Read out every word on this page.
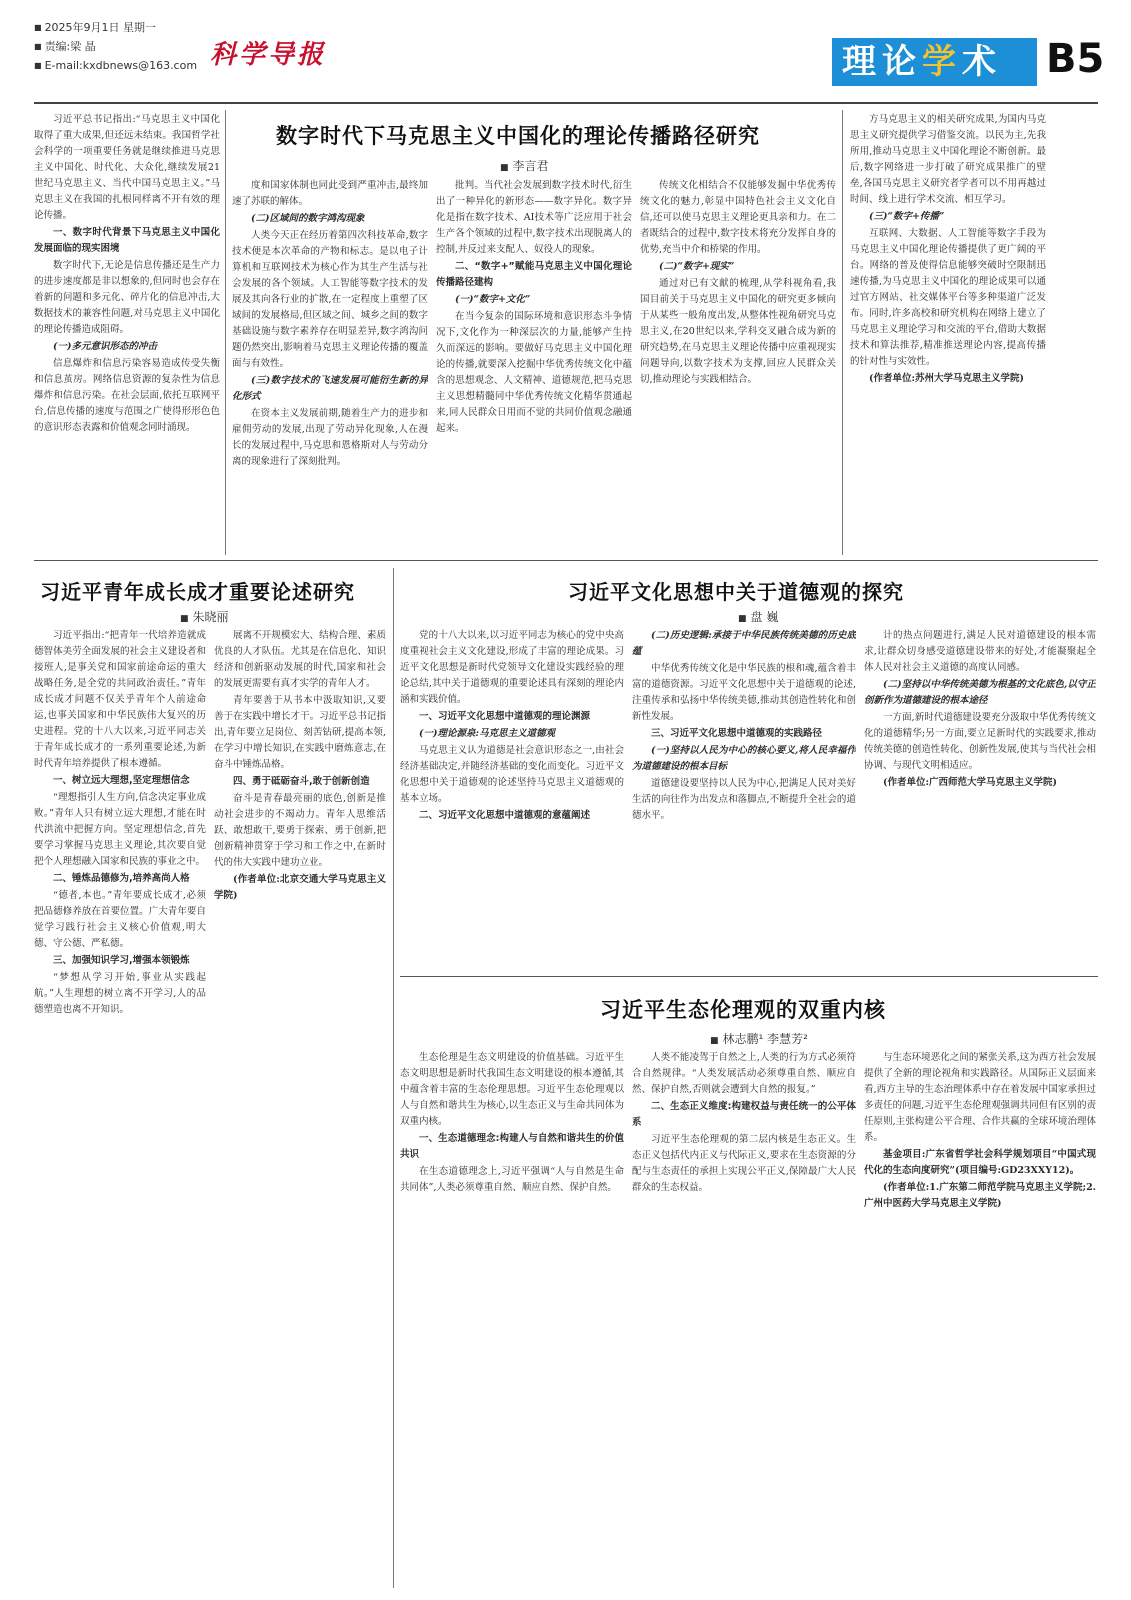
■ 2025年9月1日 星期一
■ 责编:梁 晶
■ E-mail:kxdbnews@163.com 科学导报	理论学术	B5

习近平总书记指出:“马克思主义中国化取得了重大成果,但还远未结束。我国哲学社会科学的一项重要任务就是继续推进马克思主义中国化、时代化、大众化,继续发展21世纪马克思主义、当代中国马克思主义。”马克思主义在我国的扎根同样离不开有效的理论传播。

一、数字时代背景下马克思主义中国化发展面临的现实困境

数字时代下,无论是信息传播还是生产力的进步速度都是非以想象的,但同时也会存在着新的问题和多元化、碎片化的信息冲击,大数据技术的兼容性问题,对马克思主义中国化的理论传播造成阻碍。

(一)多元意识形态的冲击

信息爆炸和信息污染容易造成传受失衡和信息茧房。网络信息资源的复杂性为信息爆炸和信息污染。在社会层面,依托互联网平台,信息传播的速度与范围之广使得形形色色的意识形态表露和价值观念同时涌现。

数字时代下马克思主义中国化的理论传播路径研究
■ 李言君

度和国家体制也同此受到严重冲击,最终加速了苏联的解体。

(二)区域间的数字鸿沟现象

人类今天正在经历着第四次科技革命,数字技术便是本次革命的产物和标志。是以电子计算机和互联网技术为核心作为其生产生活与社会发展的各个领域。人工智能等数字技术的发展及其向各行业的扩散,在一定程度上重塑了区域间的发展格局,但区域之间、城乡之间的数字基础设施与数字素养存在明显差异,数字鸿沟问题仍然突出,影响着马克思主义理论传播的覆盖面与有效性。

(三)数字技术的飞速发展可能衍生新的异化形式

在资本主义发展前期,随着生产力的进步和雇佣劳动的发展,出现了劳动异化现象,人在漫长的发展过程中,马克思和恩格斯对人与劳动分离的现象进行了深刻批判。

批判。当代社会发展到数字技术时代,衍生出了一种异化的新形态——数字异化。数字异化是指在数字技术、AI技术等广泛应用于社会生产各个领域的过程中,数字技术出现脱离人的控制,并反过来支配人、奴役人的现象。

二、“数字+”赋能马克思主义中国化理论传播路径建构

(一)“数字+文化”

在当今复杂的国际环境和意识形态斗争情况下,文化作为一种深层次的力量,能够产生持久而深远的影响。要做好马克思主义中国化理论的传播,就要深入挖掘中华优秀传统文化中蕴含的思想观念、人文精神、道德规范,把马克思主义思想精髓同中华优秀传统文化精华贯通起来,同人民群众日用而不觉的共同价值观念融通起来。

传统文化相结合不仅能够发掘中华优秀传统文化的魅力,彰显中国特色社会主义文化自信,还可以使马克思主义理论更具亲和力。在二者既结合的过程中,数字技术将充分发挥自身的优势,充当中介和桥梁的作用。

(二)“数字+现实”

通过对已有文献的梳理,从学科视角看,我国目前关于马克思主义中国化的研究更多倾向于从某些一般角度出发,从整体性视角研究马克思主义,在20世纪以来,学科交叉融合成为新的研究趋势,在马克思主义理论传播中应重视现实问题导向,以数字技术为支撑,回应人民群众关切,推动理论与实践相结合。

方马克思主义的相关研究成果,为国内马克思主义研究提供学习借鉴交流。以民为主,先我所用,推动马克思主义中国化理论不断创新。最后,数字网络进一步打破了研究成果推广的壁垒,各国马克思主义研究者学者可以不用再越过时间、线上进行学术交流、相互学习。

(三)“数字+传播”

互联网、大数据、人工智能等数字手段为马克思主义中国化理论传播提供了更广阔的平台。网络的普及使得信息能够突破时空限制迅速传播,为马克思主义中国化的理论成果可以通过官方网站、社交媒体平台等多种渠道广泛发布。同时,许多高校和研究机构在网络上建立了马克思主义理论学习和交流的平台,借助大数据技术和算法推荐,精准推送理论内容,提高传播的针对性与实效性。

(作者单位:苏州大学马克思主义学院)

习近平青年成长成才重要论述研究
■ 朱晓丽

习近平指出:“把青年一代培养造就成德智体美劳全面发展的社会主义建设者和接班人,是事关党和国家前途命运的重大战略任务,是全党的共同政治责任。”青年成长成才问题不仅关乎青年个人前途命运,也事关国家和中华民族伟大复兴的历史进程。党的十八大以来,习近平同志关于青年成长成才的一系列重要论述,为新时代青年培养提供了根本遵循。

一、树立远大理想,坚定理想信念

“理想指引人生方向,信念决定事业成败。”青年人只有树立远大理想,才能在时代洪流中把握方向。坚定理想信念,首先要学习掌握马克思主义理论,其次要自觉把个人理想融入国家和民族的事业之中。

二、锤炼品德修为,培养高尚人格

“德者,本也。”青年要成长成才,必须把品德修养放在首要位置。广大青年要自觉学习践行社会主义核心价值观,明大德、守公德、严私德。

三、加强知识学习,增强本领锻炼

“梦想从学习开始,事业从实践起航。”人生理想的树立离不开学习,人的品德塑造也离不开知识。

展离不开规模宏大、结构合理、素质优良的人才队伍。尤其是在信息化、知识经济和创新驱动发展的时代,国家和社会的发展更需要有真才实学的青年人才。

青年要善于从书本中汲取知识,又要善于在实践中增长才干。习近平总书记指出,青年要立足岗位、刻苦钻研,提高本领,在学习中增长知识,在实践中磨炼意志,在奋斗中锤炼品格。

四、勇于砥砺奋斗,敢于创新创造

奋斗是青春最亮丽的底色,创新是推动社会进步的不竭动力。青年人思维活跃、敢想敢干,要勇于探索、勇于创新,把创新精神贯穿于学习和工作之中,在新时代的伟大实践中建功立业。

(作者单位:北京交通大学马克思主义学院)

习近平文化思想中关于道德观的探究
■ 盘 巍

党的十八大以来,以习近平同志为核心的党中央高度重视社会主义文化建设,形成了丰富的理论成果。习近平文化思想是新时代党领导文化建设实践经验的理论总结,其中关于道德观的重要论述具有深刻的理论内涵和实践价值。

一、习近平文化思想中道德观的理论渊源

(一)理论源泉:马克思主义道德观

马克思主义认为道德是社会意识形态之一,由社会经济基础决定,并随经济基础的变化而变化。习近平文化思想中关于道德观的论述坚持马克思主义道德观的基本立场。

二、习近平文化思想中道德观的意蕴阐述

(二)历史逻辑:承接于中华民族传统美德的历史底蕴

中华优秀传统文化是中华民族的根和魂,蕴含着丰富的道德资源。习近平文化思想中关于道德观的论述,注重传承和弘扬中华传统美德,推动其创造性转化和创新性发展。

三、习近平文化思想中道德观的实践路径

(一)坚持以人民为中心的核心要义,将人民幸福作为道德建设的根本目标

道德建设要坚持以人民为中心,把满足人民对美好生活的向往作为出发点和落脚点,不断提升全社会的道德水平。

计的热点问题进行,满足人民对道德建设的根本需求,让群众切身感受道德建设带来的好处,才能凝聚起全体人民对社会主义道德的高度认同感。

(二)坚持以中华传统美德为根基的文化底色,以守正创新作为道德建设的根本途径

一方面,新时代道德建设要充分汲取中华优秀传统文化的道德精华;另一方面,要立足新时代的实践要求,推动传统美德的创造性转化、创新性发展,使其与当代社会相协调、与现代文明相适应。

(作者单位:广西师范大学马克思主义学院)

习近平生态伦理观的双重内核
■ 林志鹏¹ 李慧芳²

生态伦理是生态文明建设的价值基础。习近平生态文明思想是新时代我国生态文明建设的根本遵循,其中蕴含着丰富的生态伦理思想。习近平生态伦理观以人与自然和谐共生为核心,以生态正义与生命共同体为双重内核。

一、生态道德理念:构建人与自然和谐共生的价值共识

在生态道德理念上,习近平强调“人与自然是生命共同体”,人类必须尊重自然、顺应自然、保护自然。

人类不能凌驾于自然之上,人类的行为方式必须符合自然规律。“人类发展活动必须尊重自然、顺应自然、保护自然,否则就会遭到大自然的报复。”

二、生态正义维度:构建权益与责任统一的公平体系

习近平生态伦理观的第二层内核是生态正义。生态正义包括代内正义与代际正义,要求在生态资源的分配与生态责任的承担上实现公平正义,保障最广大人民群众的生态权益。

与生态环境恶化之间的紧张关系,这为西方社会发展提供了全新的理论视角和实践路径。从国际正义层面来看,西方主导的生态治理体系中存在着发展中国家承担过多责任的问题,习近平生态伦理观强调共同但有区别的责任原则,主张构建公平合理、合作共赢的全球环境治理体系。

基金项目:广东省哲学社会科学规划项目“中国式现代化的生态向度研究”(项目编号:GD23XXY12)。

(作者单位:1.广东第二师范学院马克思主义学院;2.广州中医药大学马克思主义学院)
